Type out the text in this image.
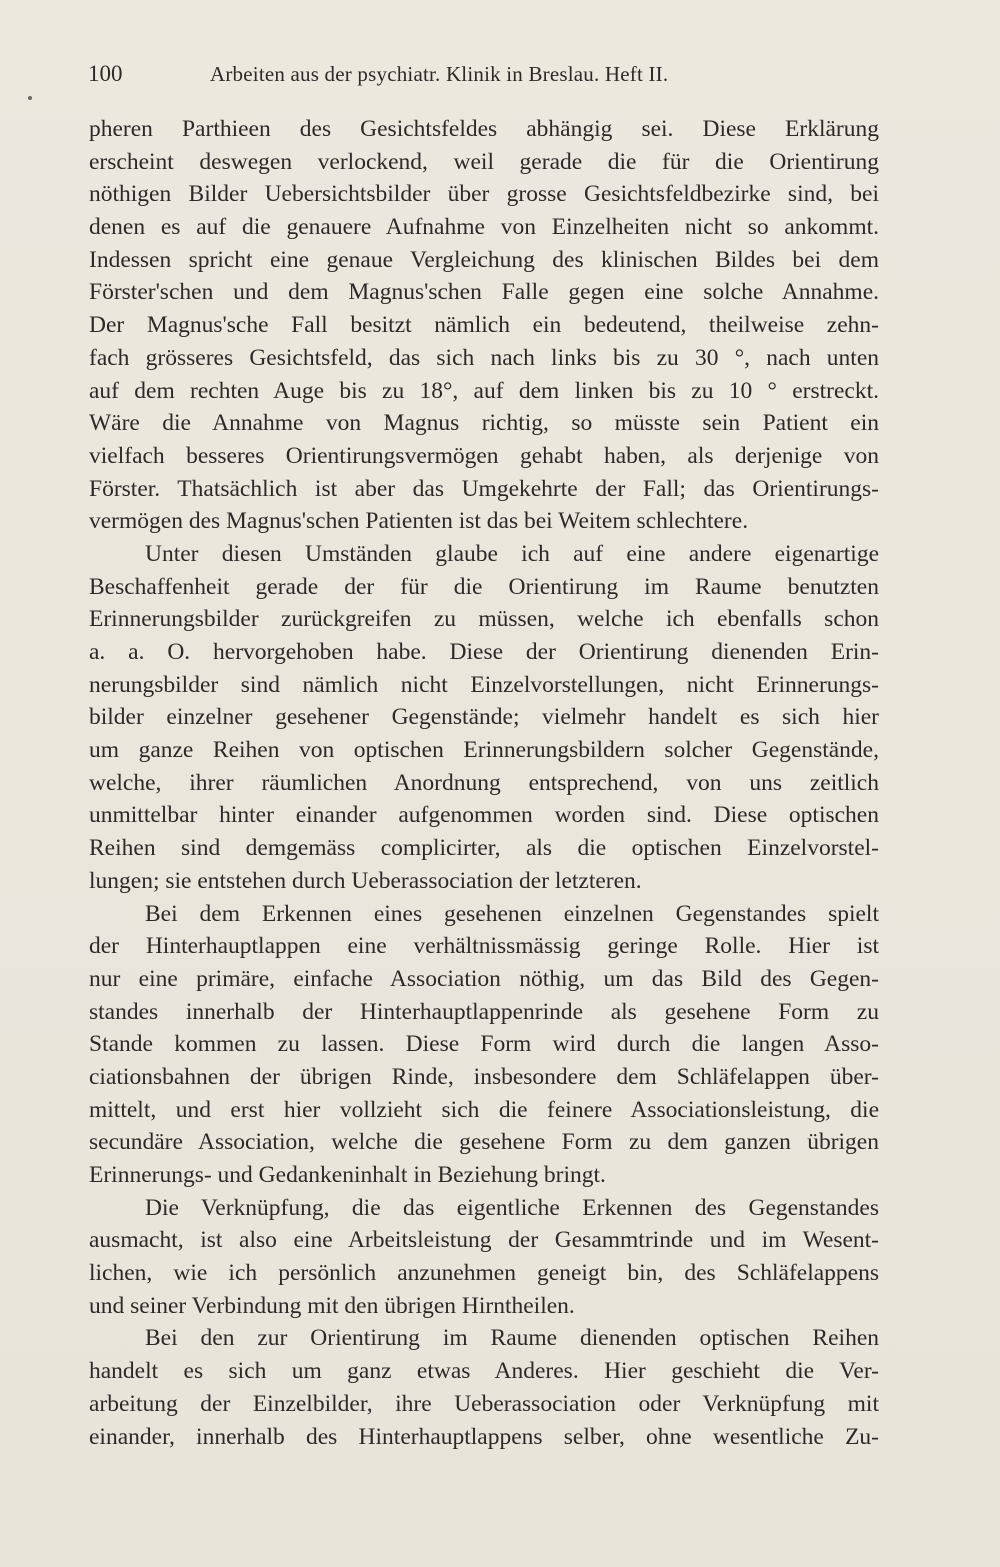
100	Arbeiten aus der psychiatr. Klinik in Breslau. Heft II.
pheren Parthieen des Gesichtsfeldes abhängig sei. Diese Erklärung
erscheint deswegen verlockend, weil gerade die für die Orientirung
nöthigen Bilder Uebersichtsbilder über grosse Gesichtsfeldbezirke sind, bei
denen es auf die genauere Aufnahme von Einzelheiten nicht so ankommt.
Indessen spricht eine genaue Vergleichung des klinischen Bildes bei dem
Förster'schen und dem Magnus'schen Falle gegen eine solche Annahme.
Der Magnus'sche Fall besitzt nämlich ein bedeutend, theilweise zehn-
fach grösseres Gesichtsfeld, das sich nach links bis zu 30 °, nach unten
auf dem rechten Auge bis zu 18°, auf dem linken bis zu 10 ° erstreckt.
Wäre die Annahme von Magnus richtig, so müsste sein Patient ein
vielfach besseres Orientirungsvermögen gehabt haben, als derjenige von
Förster. Thatsächlich ist aber das Umgekehrte der Fall; das Orientirungs-
vermögen des Magnus'schen Patienten ist das bei Weitem schlechtere.
Unter diesen Umständen glaube ich auf eine andere eigenartige
Beschaffenheit gerade der für die Orientirung im Raume benutzten
Erinnerungsbilder zurückgreifen zu müssen, welche ich ebenfalls schon
a. a. O. hervorgehoben habe. Diese der Orientirung dienenden Erin-
nerungsbilder sind nämlich nicht Einzelvorstellungen, nicht Erinnerungs-
bilder einzelner gesehener Gegenstände; vielmehr handelt es sich hier
um ganze Reihen von optischen Erinnerungsbildern solcher Gegenstände,
welche, ihrer räumlichen Anordnung entsprechend, von uns zeitlich
unmittelbar hinter einander aufgenommen worden sind. Diese optischen
Reihen sind demgemäss complicirter, als die optischen Einzelvorstel-
lungen; sie entstehen durch Ueberassociation der letzteren.
Bei dem Erkennen eines gesehenen einzelnen Gegenstandes spielt
der Hinterhauptlappen eine verhältnissmässig geringe Rolle. Hier ist
nur eine primäre, einfache Association nöthig, um das Bild des Gegen-
standes innerhalb der Hinterhauptlappenrinde als gesehene Form zu
Stande kommen zu lassen. Diese Form wird durch die langen Asso-
ciationsbahnen der übrigen Rinde, insbesondere dem Schläfelappen über-
mittelt, und erst hier vollzieht sich die feinere Associationsleistung, die
secundäre Association, welche die gesehene Form zu dem ganzen übrigen
Erinnerungs- und Gedankeninhalt in Beziehung bringt.
Die Verknüpfung, die das eigentliche Erkennen des Gegenstandes
ausmacht, ist also eine Arbeitsleistung der Gesammtrinde und im Wesent-
lichen, wie ich persönlich anzunehmen geneigt bin, des Schläfelappens
und seiner Verbindung mit den übrigen Hirntheilen.
Bei den zur Orientirung im Raume dienenden optischen Reihen
handelt es sich um ganz etwas Anderes. Hier geschieht die Ver-
arbeitung der Einzelbilder, ihre Ueberassociation oder Verknüpfung mit
einander, innerhalb des Hinterhauptlappens selber, ohne wesentliche Zu-
